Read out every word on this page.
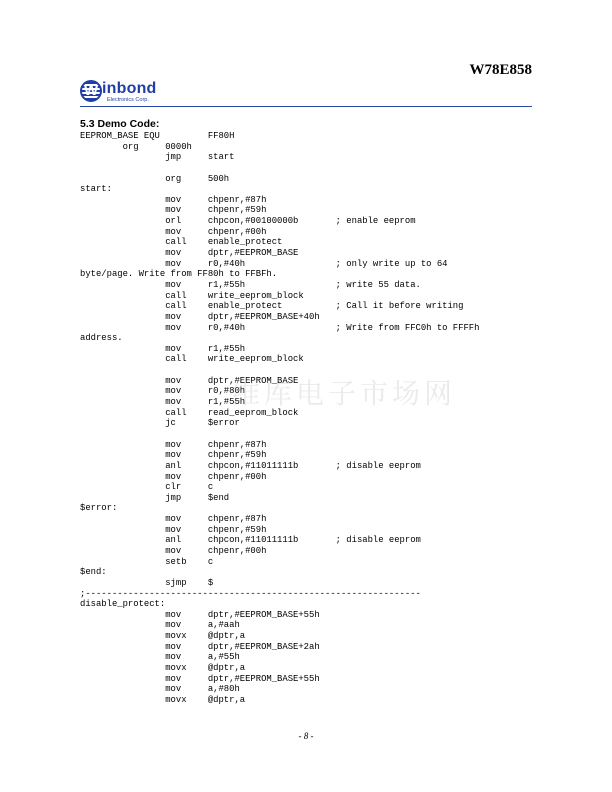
W78E858
W inbond
Electronics Corp.
5.3 Demo Code:
EEPROM_BASE EQU         FF80H
org     0000h
jmp     start
org     500h
start:
mov     chpenr,#87h
mov     chpenr,#59h
orl     chpcon,#00100000b       ; enable eeprom
mov     chpenr,#00h
call    enable_protect
mov     dptr,#EEPROM_BASE
mov     r0,#40h                 ; only write up to 64
byte/page. Write from FF80h to FFBFh.
mov     r1,#55h                 ; write 55 data.
call    write_eeprom_block
call    enable_protect          ; Call it before writing
mov     dptr,#EEPROM_BASE+40h
mov     r0,#40h                 ; Write from FFC0h to FFFFh
address.
mov     r1,#55h
call    write_eeprom_block
mov     dptr,#EEPROM_BASE
mov     r0,#80h
mov     r1,#55h
call    read_eeprom_block
jc      $error
mov     chpenr,#87h
mov     chpenr,#59h
anl     chpcon,#11011111b       ; disable eeprom
mov     chpenr,#00h
clr     c
jmp     $end
$error:
mov     chpenr,#87h
mov     chpenr,#59h
anl     chpcon,#11011111b       ; disable eeprom
mov     chpenr,#00h
setb    c
$end:
sjmp    $
;---------------------------------------------------------------
disable_protect:
mov     dptr,#EEPROM_BASE+55h
mov     a,#aah
movx    @dptr,a
mov     dptr,#EEPROM_BASE+2ah
mov     a,#55h
movx    @dptr,a
mov     dptr,#EEPROM_BASE+55h
mov     a,#80h
movx    @dptr,a
维库电子市场网
- 8 -
